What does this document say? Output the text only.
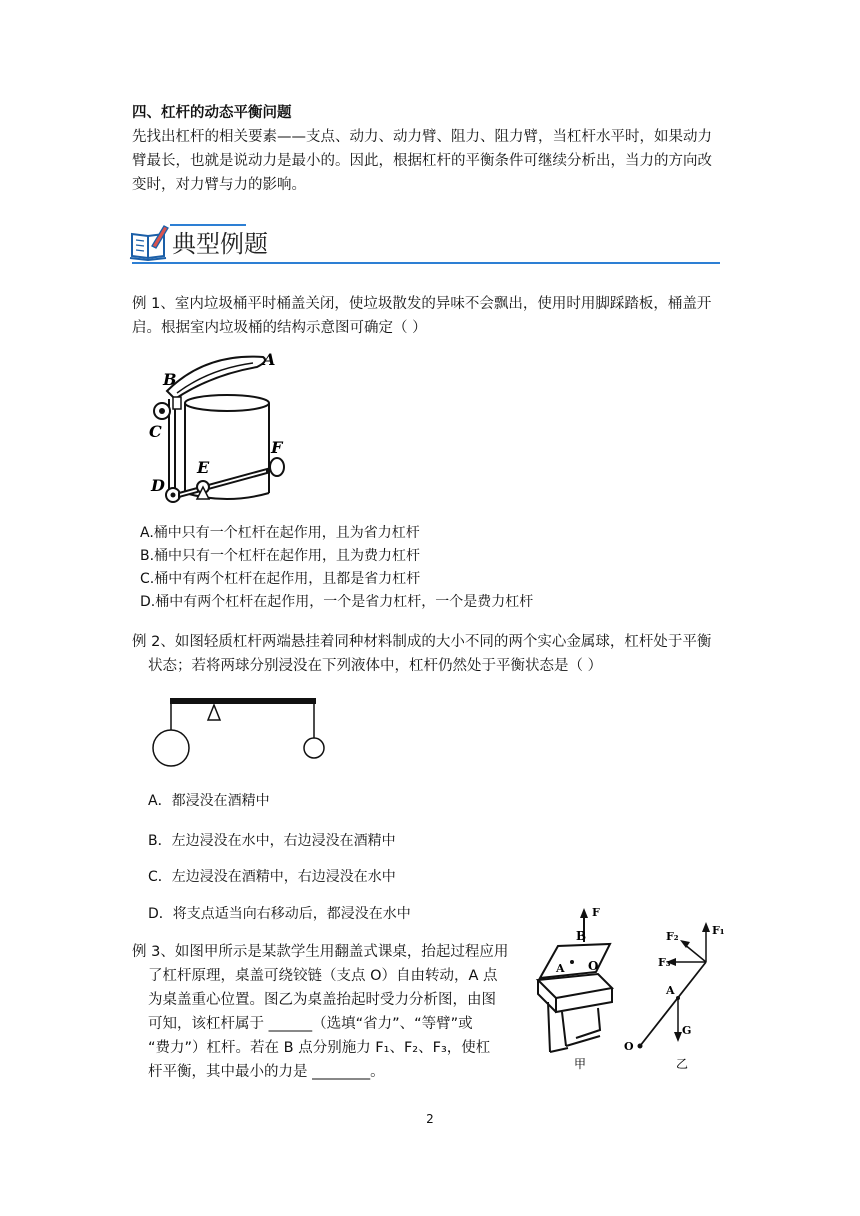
四、杠杆的动态平衡问题
先找出杠杆的相关要素——支点、动力、动力臂、阻力、阻力臂，当杠杆水平时，如果动力
臂最长，也就是说动力是最小的。因此，根据杠杆的平衡条件可继续分析出，当力的方向改
变时，对力臂与力的影响。
典型例题
例 1、室内垃圾桶平时桶盖关闭，使垃圾散发的异味不会飘出，使用时用脚踩踏板，桶盖开
启。根据室内垃圾桶的结构示意图可确定（ ）
A
B
C
D
E
F
A.桶中只有一个杠杆在起作用，且为省力杠杆
B.桶中只有一个杠杆在起作用，且为费力杠杆
C.桶中有两个杠杆在起作用，且都是省力杠杆
D.桶中有两个杠杆在起作用，一个是省力杠杆，一个是费力杠杆
例 2、如图轻质杠杆两端悬挂着同种材料制成的大小不同的两个实心金属球，杠杆处于平衡
状态；若将两球分别浸没在下列液体中，杠杆仍然处于平衡状态是（ ）
A．都浸没在酒精中
B．左边浸没在水中，右边浸没在酒精中
C．左边浸没在酒精中，右边浸没在水中
D．将支点适当向右移动后，都浸没在水中
例 3、如图甲所示是某款学生用翻盖式课桌，抬起过程应用
了杠杆原理，桌盖可绕铰链（支点 O）自由转动，A 点
为桌盖重心位置。图乙为桌盖抬起时受力分析图，由图
可知，该杠杆属于 ______（选填“省力”、“等臂”或
“费力”）杠杆。若在 B 点分别施力 F₁、F₂、F₃，使杠
杆平衡，其中最小的力是 ________。
F
B
A O
甲
O
A
G
F₁
F₂
F₃
乙
2
